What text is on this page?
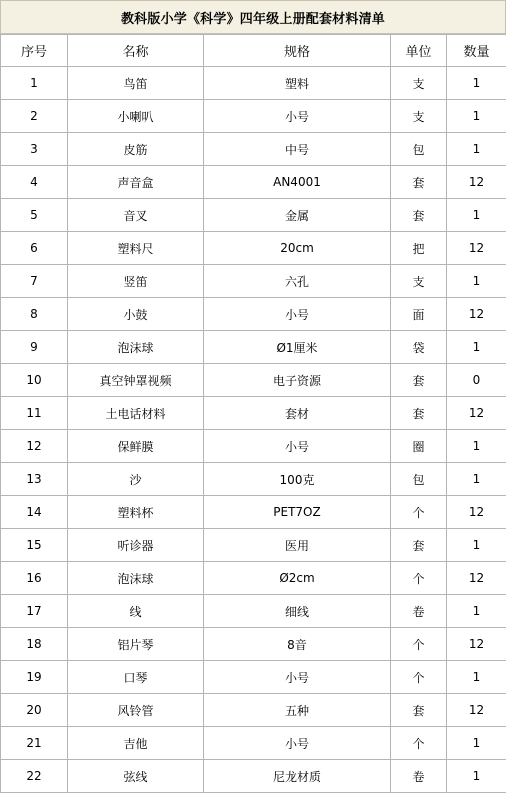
教科版小学《科学》四年级上册配套材料清单
序号	名称	规格	单位	数量
1	鸟笛	塑料	支	1
2	小喇叭	小号	支	1
3	皮筋	中号	包	1
4	声音盒	AN4001	套	12
5	音叉	金属	套	1
6	塑料尺	20cm	把	12
7	竖笛	六孔	支	1
8	小鼓	小号	面	12
9	泡沫球	Ø1厘米	袋	1
10	真空钟罩视频	电子资源	套	0
11	土电话材料	套材	套	12
12	保鲜膜	小号	圈	1
13	沙	100克	包	1
14	塑料杯	PET7OZ	个	12
15	听诊器	医用	套	1
16	泡沫球	Ø2cm	个	12
17	线	细线	卷	1
18	铝片琴	8音	个	12
19	口琴	小号	个	1
20	风铃管	五种	套	12
21	吉他	小号	个	1
22	弦线	尼龙材质	卷	1
